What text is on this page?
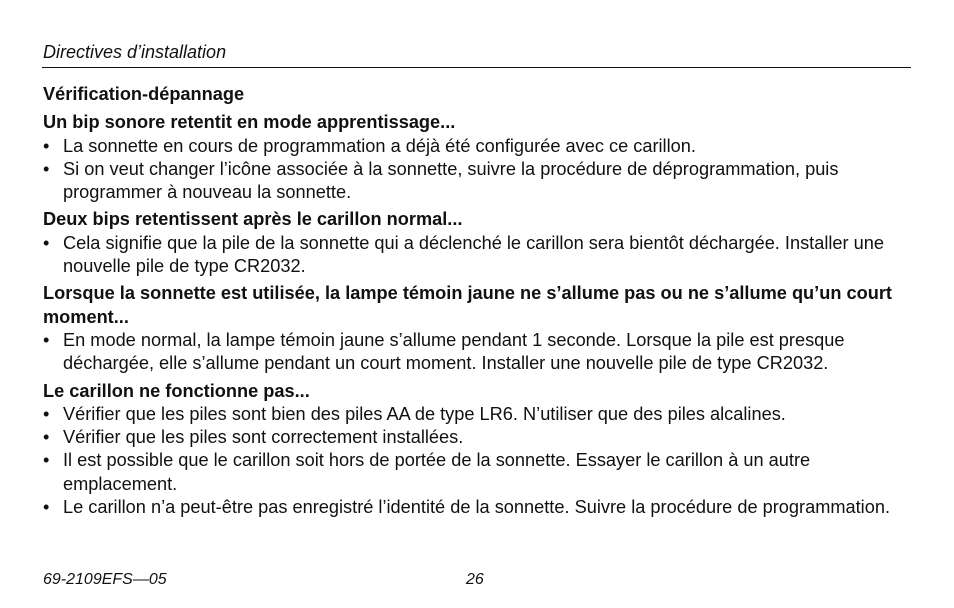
Directives d’installation
Vérification-dépannage
Un bip sonore retentit en mode apprentissage...
• La sonnette en cours de programmation a déjà été configurée avec ce carillon.
• Si on veut changer l’icône associée à la sonnette, suivre la procédure de déprogrammation, puis programmer à nouveau la sonnette.
Deux bips retentissent après le carillon normal...
• Cela signifie que la pile de la sonnette qui a déclenché le carillon sera bientôt déchargée. Installer une nouvelle pile de type CR2032.
Lorsque la sonnette est utilisée, la lampe témoin jaune ne s’allume pas ou ne s’allume qu’un court moment...
• En mode normal, la lampe témoin jaune s’allume pendant 1 seconde. Lorsque la pile est presque déchargée, elle s’allume pendant un court moment. Installer une nouvelle pile de type CR2032.
Le carillon ne fonctionne pas...
• Vérifier que les piles sont bien des piles AA de type LR6. N’utiliser que des piles alcalines.
• Vérifier que les piles sont correctement installées.
• Il est possible que le carillon soit hors de portée de la sonnette. Essayer le carillon à un autre emplacement.
• Le carillon n’a peut-être pas enregistré l’identité de la sonnette. Suivre la procédure de programmation.
69-2109EFS—05	26
